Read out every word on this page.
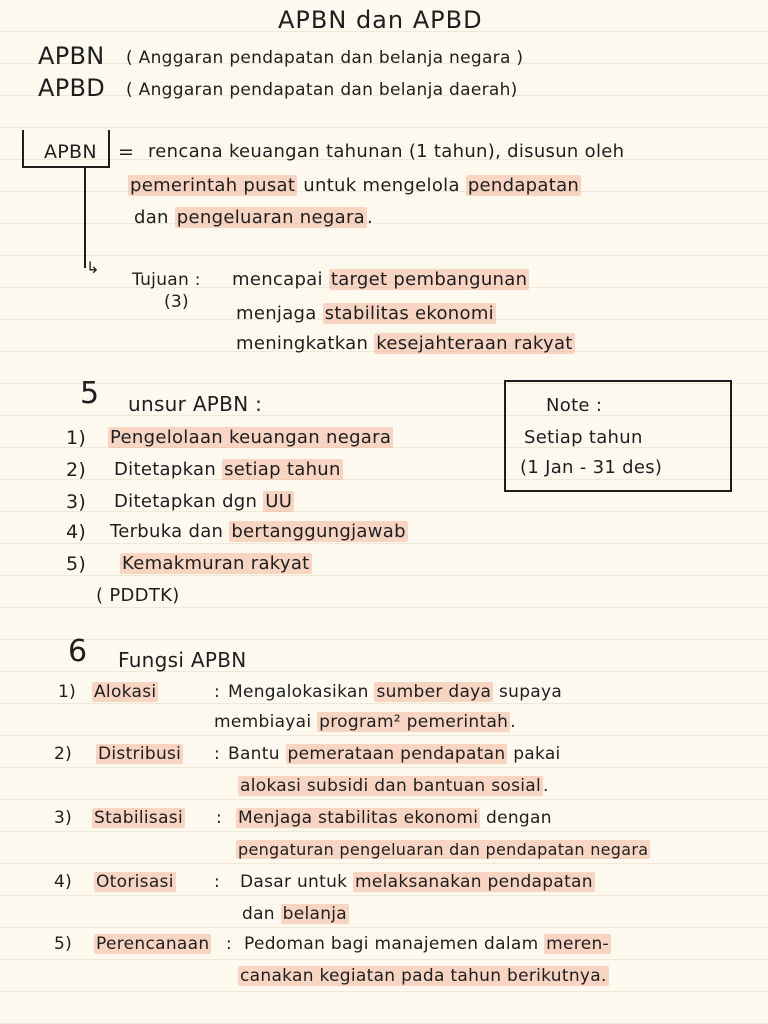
APBN dan APBD
APBN ( Anggaran pendapatan dan belanja negara )
APBD ( Anggaran pendapatan dan belanja daerah)
APBN = rencana keuangan tahunan (1 tahun), disusun oleh
pemerintah pusat untuk mengelola pendapatan
dan pengeluaran negara .
↳
Tujuan :
(3)
mencapai target pembangunan
menjaga stabilitas ekonomi
meningkatkan kesejahteraan rakyat
5 unsur APBN :
1) Pengelolaan keuangan negara
2) Ditetapkan setiap tahun
3) Ditetapkan dgn UU
4) Terbuka dan bertanggungjawab
5) Kemakmuran rakyat
( PDDTK)
Note :
Setiap tahun
(1 Jan - 31 des)
6 Fungsi APBN
1) Alokasi	: Mengalokasikan sumber daya supaya
membiayai program² pemerintah .
2) Distribusi : Bantu pemerataan pendapatan pakai
alokasi subsidi dan bantuan sosial .
3) Stabilisasi : Menjaga stabilitas ekonomi dengan
pengaturan pengeluaran dan pendapatan negara
4) Otorisasi : Dasar untuk melaksanakan pendapatan
dan belanja
5) Perencanaan : Pedoman bagi manajemen dalam meren-
canakan kegiatan pada tahun berikutnya.
